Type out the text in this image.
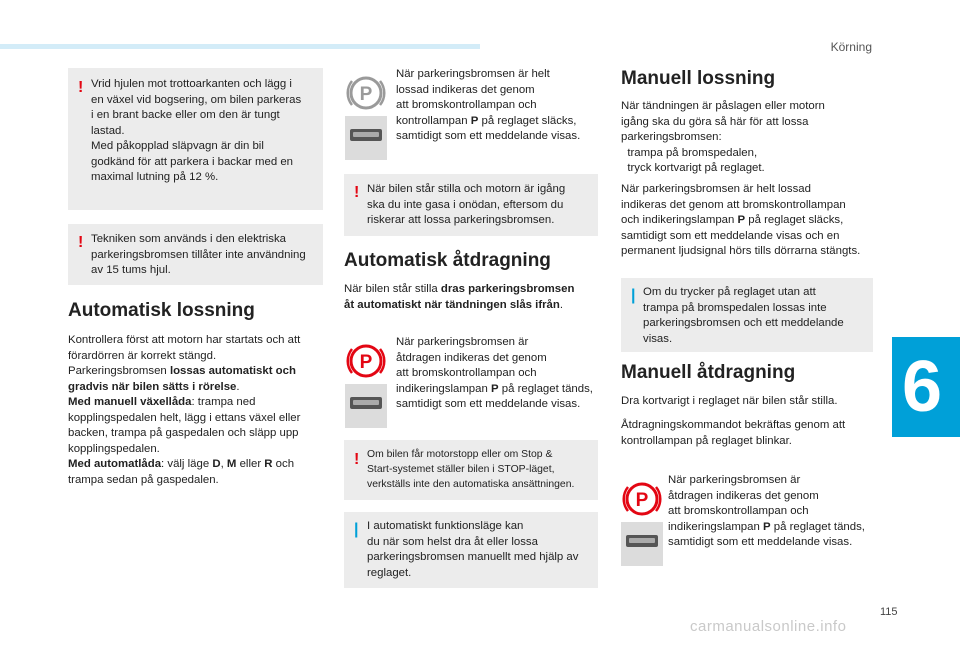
Körning
6
115
carmanualsonline.info
! Vrid hjulen mot trottoarkanten och lägg i

en växel vid bogsering, om bilen parkeras

i en brant backe eller om den är tungt

lastad.

Med påkopplad släpvagn är din bil

godkänd för att parkera i backar med en

maximal lutning på 12 %.

! Tekniken som används i den elektriska

parkeringsbromsen tillåter inte användning

av 15 tums hjul.

Automatisk lossning

Kontrollera först att motorn har startats och att

förardörren är korrekt stängd.

Parkeringsbromsen lossas automatiskt och

gradvis när bilen sätts i rörelse.

Med manuell växellåda: trampa ned

kopplingspedalen helt, lägg i ettans växel eller

backen, trampa på gaspedalen och släpp upp

kopplingspedalen.

Med automatlåda: välj läge D, M eller R och

trampa sedan på gaspedalen.

P

När parkeringsbromsen är helt

lossad indikeras det genom

att bromskontrollampan och

kontrollampan P på reglaget släcks,

samtidigt som ett meddelande visas.

! När bilen står stilla och motorn är igång

ska du inte gasa i onödan, eftersom du

riskerar att lossa parkeringsbromsen.

Automatisk åtdragning

När bilen står stilla dras parkeringsbromsen

åt automatiskt när tändningen slås ifrån.

P

När parkeringsbromsen är

åtdragen indikeras det genom

att bromskontrollampan och

indikeringslampan P på reglaget tänds,

samtidigt som ett meddelande visas.

! Om bilen får motorstopp eller om Stop &

Start-systemet ställer bilen i STOP-läget,

verkställs inte den automatiska ansättningen.

| I automatiskt funktionsläge kan

du när som helst dra åt eller lossa

parkeringsbromsen manuellt med hjälp av

reglaget.

Manuell lossning

När tändningen är påslagen eller motorn

igång ska du göra så här för att lossa

parkeringsbromsen:

trampa på bromspedalen,

tryck kortvarigt på reglaget.

När parkeringsbromsen är helt lossad

indikeras det genom att bromskontrollampan

och indikeringslampan P på reglaget släcks,

samtidigt som ett meddelande visas och en

permanent ljudsignal hörs tills dörrarna stängts.

| Om du trycker på reglaget utan att

trampa på bromspedalen lossas inte

parkeringsbromsen och ett meddelande

visas.

Manuell åtdragning

Dra kortvarigt i reglaget när bilen står stilla.

Åtdragningskommandot bekräftas genom att

kontrollampan på reglaget blinkar.

P

När parkeringsbromsen är

åtdragen indikeras det genom

att bromskontrollampan och

indikeringslampan P på reglaget tänds,

samtidigt som ett meddelande visas.
